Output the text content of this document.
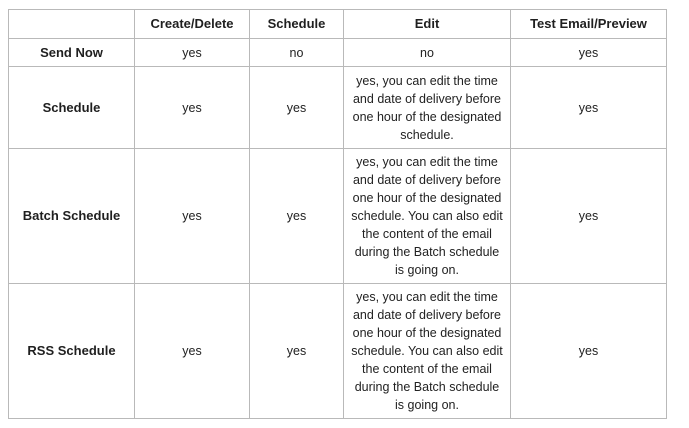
	Create/Delete	Schedule	Edit	Test Email/Preview
Send Now	yes	no	no	yes
Schedule	yes	yes	yes, you can edit the time and date of delivery before one hour of the designated schedule.	yes
Batch Schedule	yes	yes	yes, you can edit the time and date of delivery before one hour of the designated schedule. You can also edit the content of the email during the Batch schedule is going on.	yes
RSS Schedule	yes	yes	yes, you can edit the time and date of delivery before one hour of the designated schedule. You can also edit the content of the email during the Batch schedule is going on.	yes
